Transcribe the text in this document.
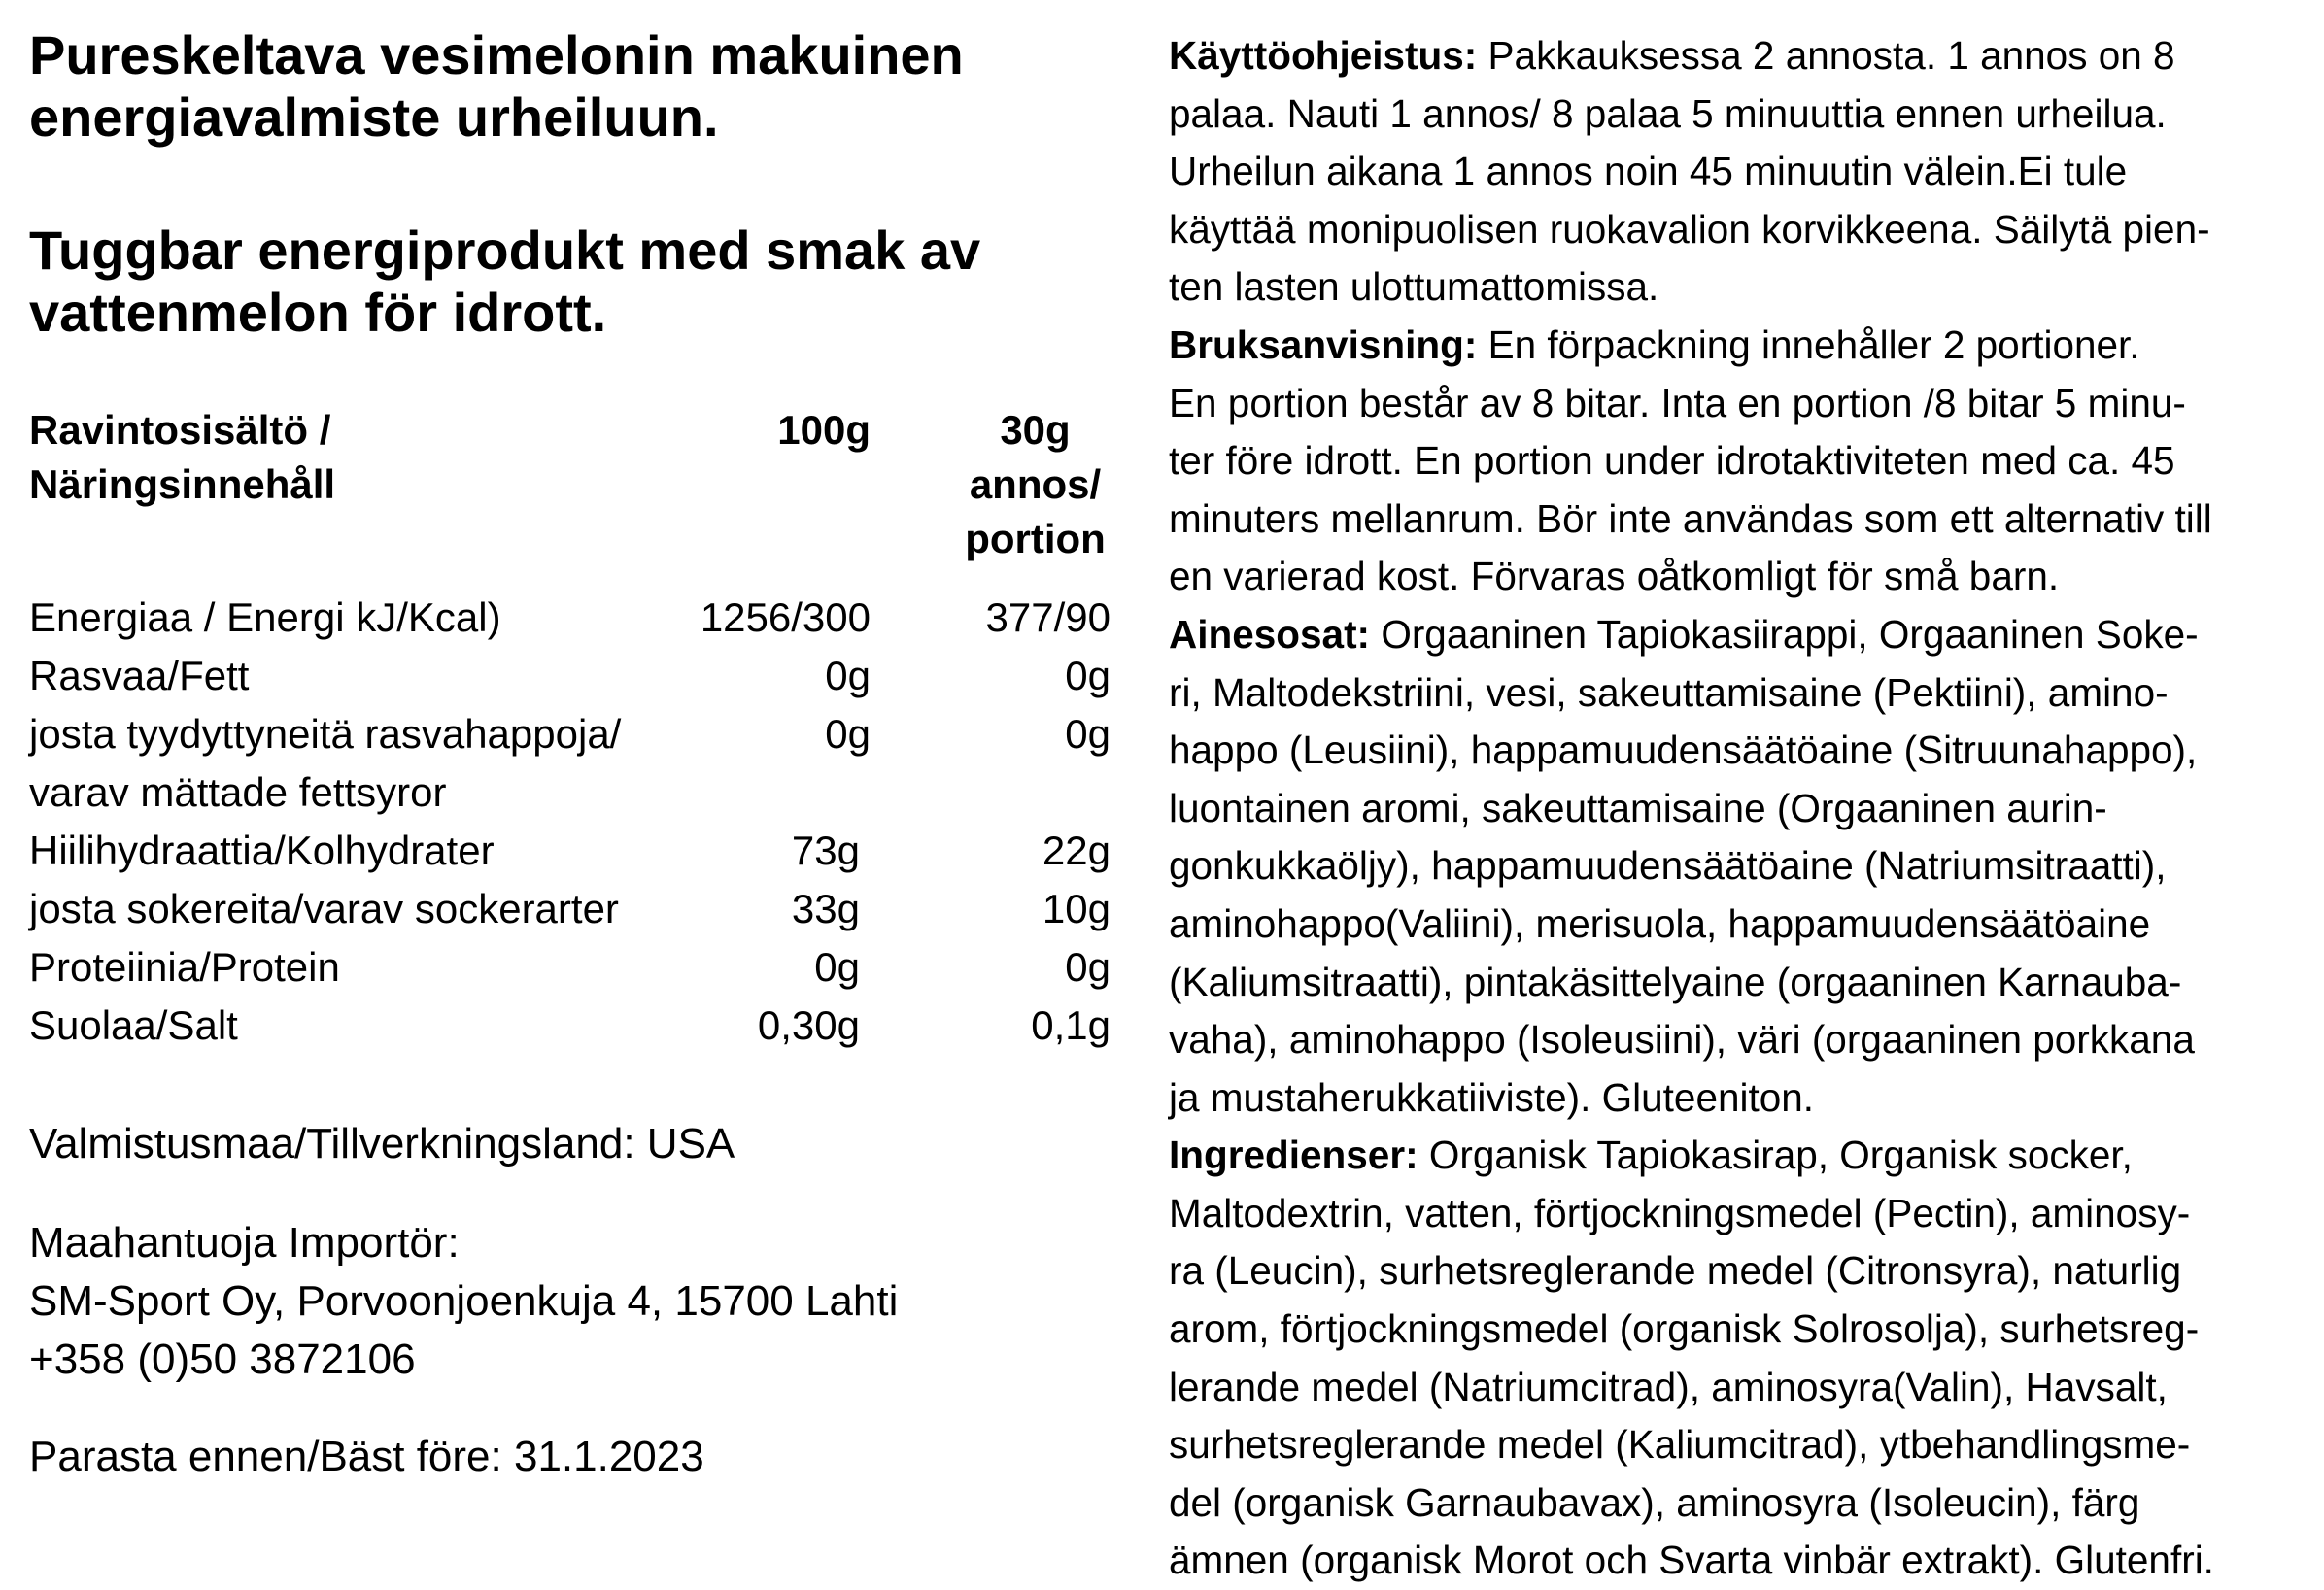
Pureskeltava vesimelonin makuinen
energiavalmiste urheiluun.
Tuggbar energiprodukt med smak av
vattenmelon för idrott.
Ravintosisältö /
Näringsinnehåll
100g	30g
annos/
portion
Energiaa / Energi kJ/Kcal)	1256/300	377/90
Rasvaa/Fett	0g	0g
josta tyydyttyneitä rasvahappoja/
varav mättade fettsyror
0g	0g
Hiilihydraattia/Kolhydrater	73g	22g
josta sokereita/varav sockerarter	33g	10g
Proteiinia/Protein	0g	0g
Suolaa/Salt	0,30g	0,1g
Valmistusmaa/Tillverkningsland: USA
Maahantuoja Importör:
SM-Sport Oy, Porvoonjoenkuja 4, 15700 Lahti
+358 (0)50 3872106
Parasta ennen/Bäst före: 31.1.2023
Käyttöohjeistus: Pakkauksessa 2 annosta. 1 annos on 8
palaa. Nauti 1 annos/ 8 palaa 5 minuuttia ennen urheilua.
Urheilun aikana 1 annos noin 45 minuutin välein.Ei tule
käyttää monipuolisen ruokavalion korvikkeena. Säilytä pien-
ten lasten ulottumattomissa.
Bruksanvisning: En förpackning innehåller 2 portioner.
En portion består av 8 bitar. Inta en portion /8 bitar 5 minu-
ter före idrott. En portion under idrotaktiviteten med ca. 45
minuters mellanrum. Bör inte användas som ett alternativ till
en varierad kost. Förvaras oåtkomligt för små barn.
Ainesosat: Orgaaninen Tapiokasiirappi, Orgaaninen Soke-
ri, Maltodekstriini, vesi, sakeuttamisaine (Pektiini), amino-
happo (Leusiini), happamuudensäätöaine (Sitruunahappo),
luontainen aromi, sakeuttamisaine (Orgaaninen aurin-
gonkukkaöljy), happamuudensäätöaine (Natriumsitraatti),
aminohappo(Valiini), merisuola, happamuudensäätöaine
(Kaliumsitraatti), pintakäsittelyaine (orgaaninen Karnauba-
vaha), aminohappo (Isoleusiini), väri (orgaaninen porkkana
ja mustaherukkatiiviste). Gluteeniton.
Ingredienser: Organisk Tapiokasirap, Organisk socker,
Maltodextrin, vatten, förtjockningsmedel (Pectin), aminosy-
ra (Leucin), surhetsreglerande medel (Citronsyra), naturlig
arom, förtjockningsmedel (organisk Solrosolja), surhetsreg-
lerande medel (Natriumcitrad), aminosyra(Valin), Havsalt,
surhetsreglerande medel (Kaliumcitrad), ytbehandlingsme-
del (organisk Garnaubavax), aminosyra (Isoleucin), färg
ämnen (organisk Morot och Svarta vinbär extrakt). Glutenfri.
